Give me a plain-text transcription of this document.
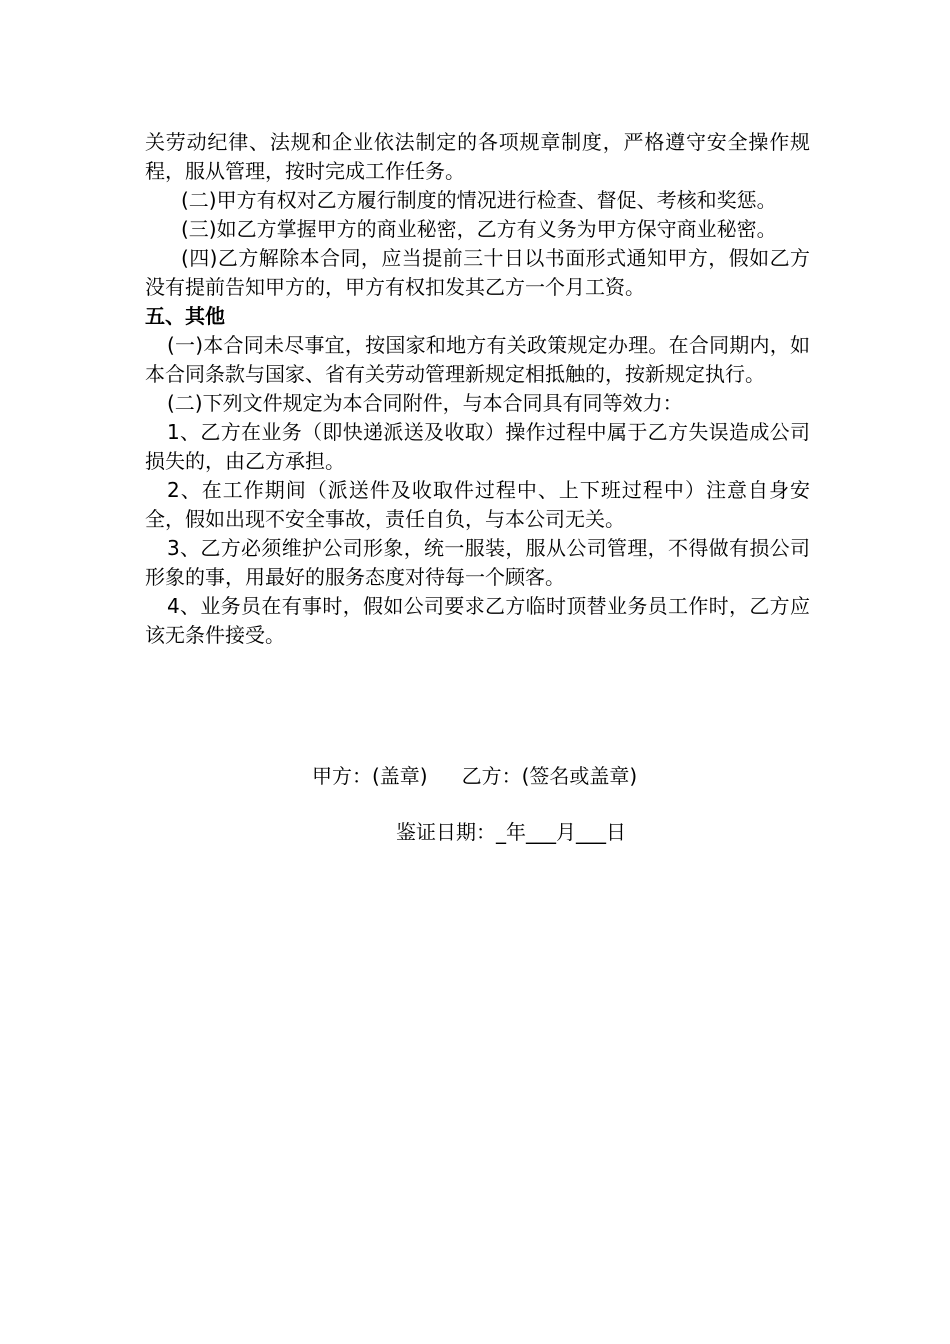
关劳动纪律、法规和企业依法制定的各项规章制度，严格遵守安全操作规程，服从管理，按时完成工作任务。

(二)甲方有权对乙方履行制度的情况进行检查、督促、考核和奖惩。

(三)如乙方掌握甲方的商业秘密，乙方有义务为甲方保守商业秘密。

(四)乙方解除本合同，应当提前三十日以书面形式通知甲方，假如乙方没有提前告知甲方的，甲方有权扣发其乙方一个月工资。

五、其他

(一)本合同未尽事宜，按国家和地方有关政策规定办理。在合同期内，如本合同条款与国家、省有关劳动管理新规定相抵触的，按新规定执行。

(二)下列文件规定为本合同附件，与本合同具有同等效力：

1、乙方在业务（即快递派送及收取）操作过程中属于乙方失误造成公司损失的，由乙方承担。

2、在工作期间（派送件及收取件过程中、上下班过程中）注意自身安全，假如出现不安全事故，责任自负，与本公司无关。

3、乙方必须维护公司形象，统一服装，服从公司管理，不得做有损公司形象的事，用最好的服务态度对待每一个顾客。

4、业务员在有事时，假如公司要求乙方临时顶替业务员工作时，乙方应该无条件接受。

甲方：(盖章) 乙方：(签名或盖章)
鉴证日期：_年___月___日
